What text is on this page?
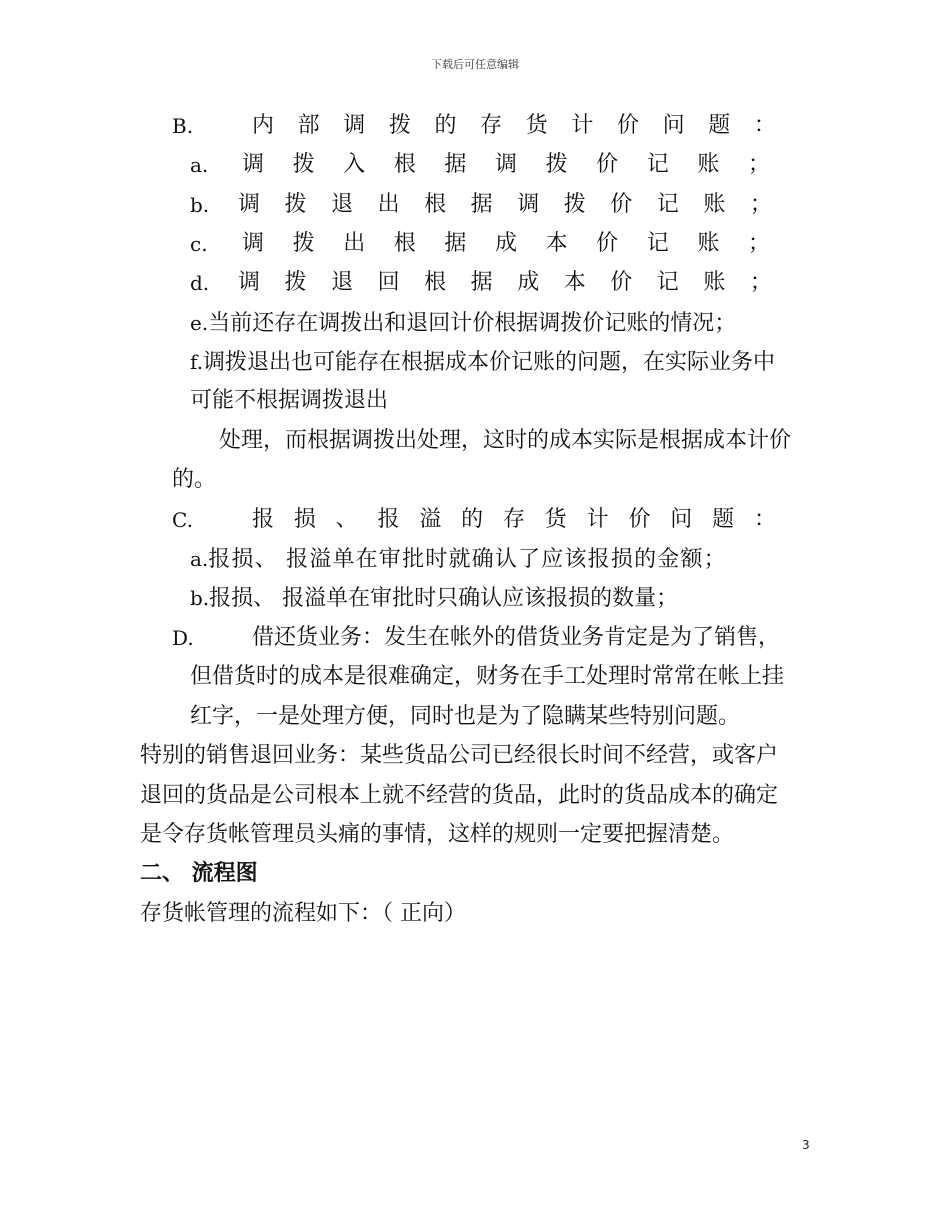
下载后可任意编辑
B.	内 部 调 拨 的 存 货 计 价 问 题 ：
a. 调 拨 入 根 据 调 拨 价 记 账 ；
b. 调 拨 退 出 根 据 调 拨 价 记 账 ；
c. 调 拨 出 根 据 成 本 价 记 账 ；
d. 调 拨 退 回 根 据 成 本 价 记 账 ；
e.当前还存在调拨出和退回计价根据调拨价记账的情况；
f.调拨退出也可能存在根据成本价记账的问题，在实际业务中
可能不根据调拨退出
处理，而根据调拨出处理，这时的成本实际是根据成本计价
的。
C.	报 损 、 报 溢 的 存 货 计 价 问 题 ：
a.报损、 报溢单在审批时就确认了应该报损的金额；
b.报损、 报溢单在审批时只确认应该报损的数量；
D.	借还货业务：发生在帐外的借货业务肯定是为了销售，
但借货时的成本是很难确定，财务在手工处理时常常在帐上挂
红字，一是处理方便，同时也是为了隐瞒某些特别问题。
特别的销售退回业务：某些货品公司已经很长时间不经营，或客户
退回的货品是公司根本上就不经营的货品，此时的货品成本的确定
是令存货帐管理员头痛的事情，这样的规则一定要把握清楚。
二、 流程图
存货帐管理的流程如下：（ 正向）
3
